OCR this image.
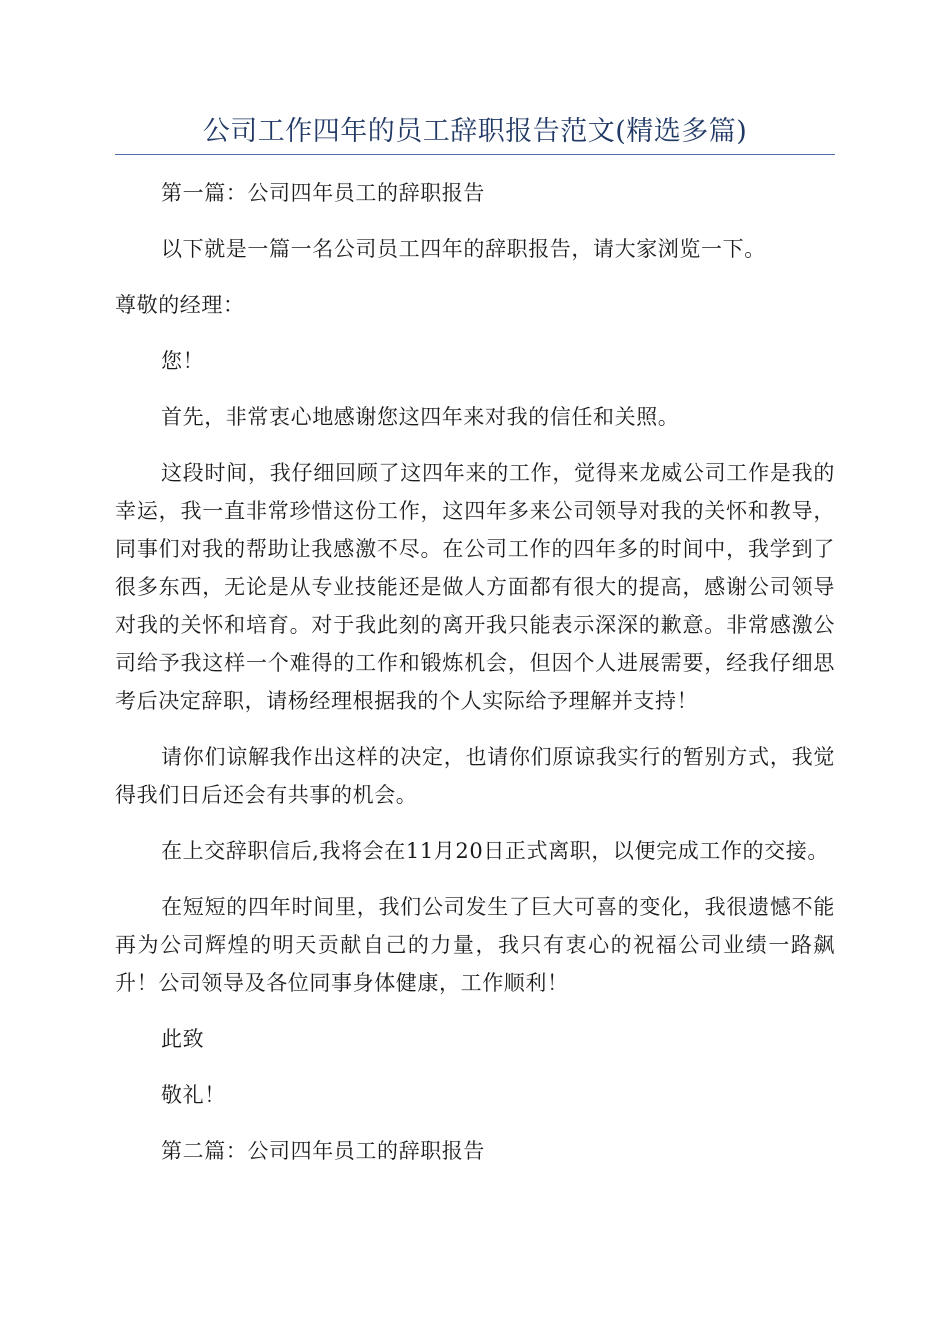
公司工作四年的员工辞职报告范文(精选多篇)

第一篇：公司四年员工的辞职报告

以下就是一篇一名公司员工四年的辞职报告，请大家浏览一下。

尊敬的经理：

您！

首先，非常衷心地感谢您这四年来对我的信任和关照。

这段时间，我仔细回顾了这四年来的工作，觉得来龙威公司工作是我的幸运，我一直非常珍惜这份工作，这四年多来公司领导对我的关怀和教导，同事们对我的帮助让我感激不尽。在公司工作的四年多的时间中，我学到了很多东西，无论是从专业技能还是做人方面都有很大的提高，感谢公司领导对我的关怀和培育。对于我此刻的离开我只能表示深深的歉意。非常感激公司给予我这样一个难得的工作和锻炼机会，但因个人进展需要，经我仔细思考后决定辞职，请杨经理根据我的个人实际给予理解并支持！

请你们谅解我作出这样的决定，也请你们原谅我实行的暂别方式，我觉得我们日后还会有共事的机会。

在上交辞职信后,我将会在11月20日正式离职，以便完成工作的交接。

在短短的四年时间里，我们公司发生了巨大可喜的变化，我很遗憾不能再为公司辉煌的明天贡献自己的力量，我只有衷心的祝福公司业绩一路飙升！公司领导及各位同事身体健康，工作顺利！

此致

敬礼！

第二篇：公司四年员工的辞职报告
